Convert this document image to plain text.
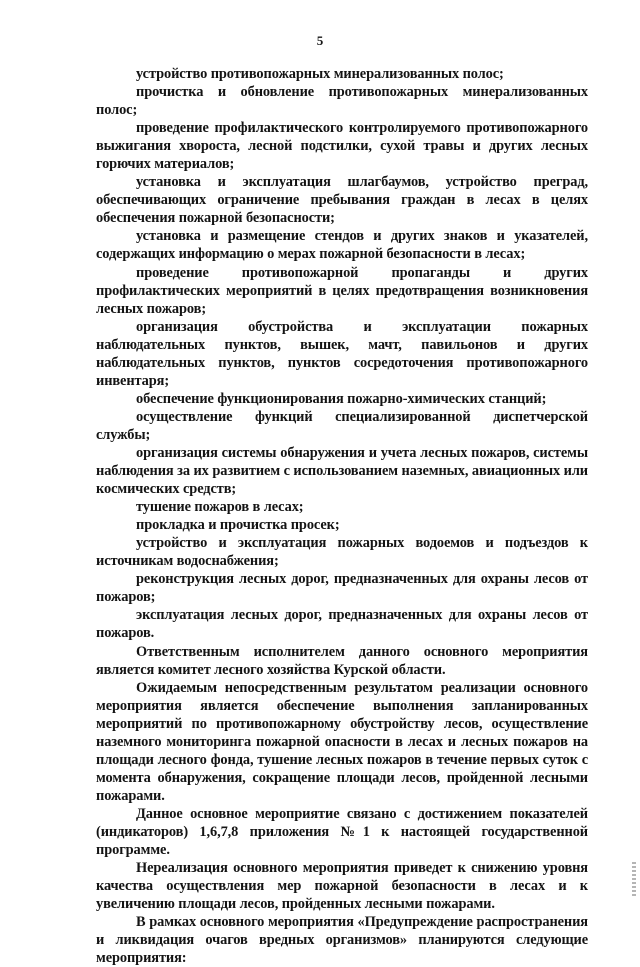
5

устройство противопожарных минерализованных полос;

прочистка и обновление противопожарных минерализованных полос;

проведение профилактического контролируемого противопожарного выжигания хвороста, лесной подстилки, сухой травы и других лесных горючих материалов;

установка и эксплуатация шлагбаумов, устройство преград, обеспечивающих ограничение пребывания граждан в лесах в целях обеспечения пожарной безопасности;

установка и размещение стендов и других знаков и указателей, содержащих информацию о мерах пожарной безопасности в лесах;

проведение противопожарной пропаганды и других профилактических мероприятий в целях предотвращения возникновения лесных пожаров;

организация обустройства и эксплуатации пожарных наблюдательных пунктов, вышек, мачт, павильонов и других наблюдательных пунктов, пунктов сосредоточения противопожарного инвентаря;

обеспечение функционирования пожарно-химических станций;

осуществление функций специализированной диспетчерской службы;

организация системы обнаружения и учета лесных пожаров, системы наблюдения за их развитием с использованием наземных, авиационных или космических средств;

тушение пожаров в лесах;

прокладка и прочистка просек;

устройство и эксплуатация пожарных водоемов и подъездов к источникам водоснабжения;

реконструкция лесных дорог, предназначенных для охраны лесов от пожаров;

эксплуатация лесных дорог, предназначенных для охраны лесов от пожаров.

Ответственным исполнителем данного основного мероприятия является комитет лесного хозяйства Курской области.

Ожидаемым непосредственным результатом реализации основного мероприятия является обеспечение выполнения запланированных мероприятий по противопожарному обустройству лесов, осуществление наземного мониторинга пожарной опасности в лесах и лесных пожаров на площади лесного фонда, тушение лесных пожаров в течение первых суток с момента обнаружения, сокращение площади лесов, пройденной лесными пожарами.

Данное основное мероприятие связано с достижением показателей (индикаторов) 1,6,7,8 приложения №1 к настоящей государственной программе.

Нереализация основного мероприятия приведет к снижению уровня качества осуществления мер пожарной безопасности в лесах и к увеличению площади лесов, пройденных лесными пожарами.

В рамках основного мероприятия «Предупреждение распространения и ликвидация очагов вредных организмов» планируются следующие мероприятия:
